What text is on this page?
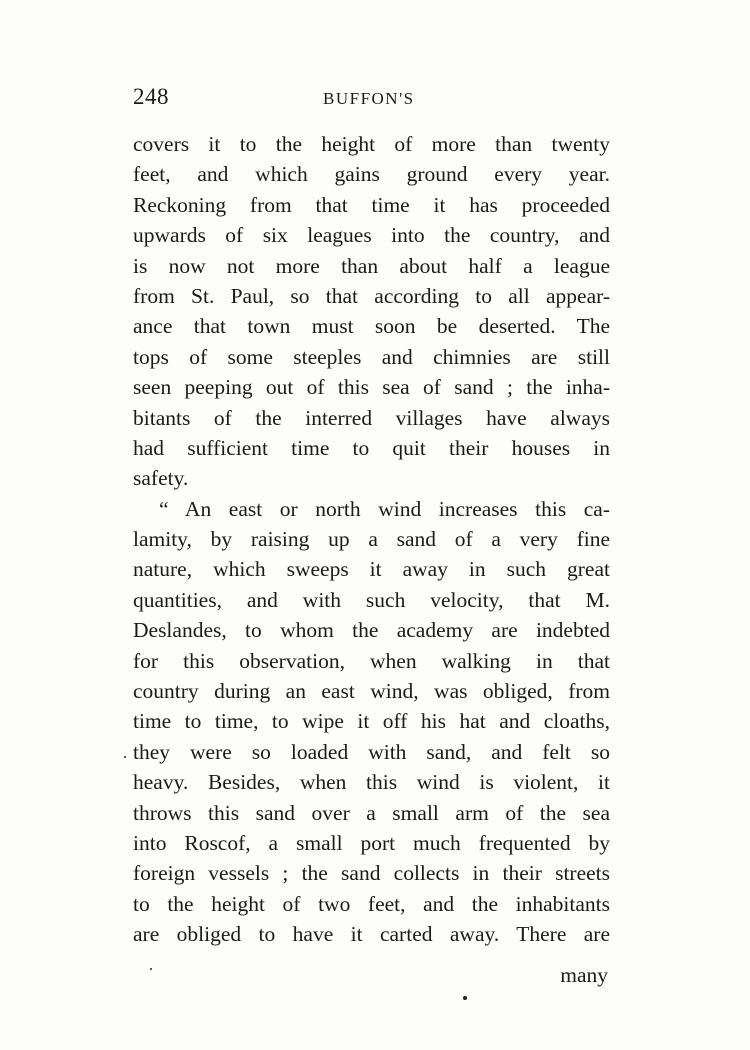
248	BUFFON'S
covers it to the height of more than twenty
feet, and which gains ground every year.
Reckoning from that time it has proceeded
upwards of six leagues into the country, and
is now not more than about half a league
from St. Paul, so that according to all appear-
ance that town must soon be deserted. The
tops of some steeples and chimnies are still
seen peeping out of this sea of sand ; the inha-
bitants of the interred villages have always
had sufficient time to quit their houses in
safety.
“ An east or north wind increases this ca-
lamity, by raising up a sand of a very fine
nature, which sweeps it away in such great
quantities, and with such velocity, that M.
Deslandes, to whom the academy are indebted
for this observation, when walking in that
country during an east wind, was obliged, from
time to time, to wipe it off his hat and cloaths,
they were so loaded with sand, and felt so
heavy. Besides, when this wind is violent, it
throws this sand over a small arm of the sea
into Roscof, a small port much frequented by
foreign vessels ; the sand collects in their streets
to the height of two feet, and the inhabitants
are obliged to have it carted away. There are
many
